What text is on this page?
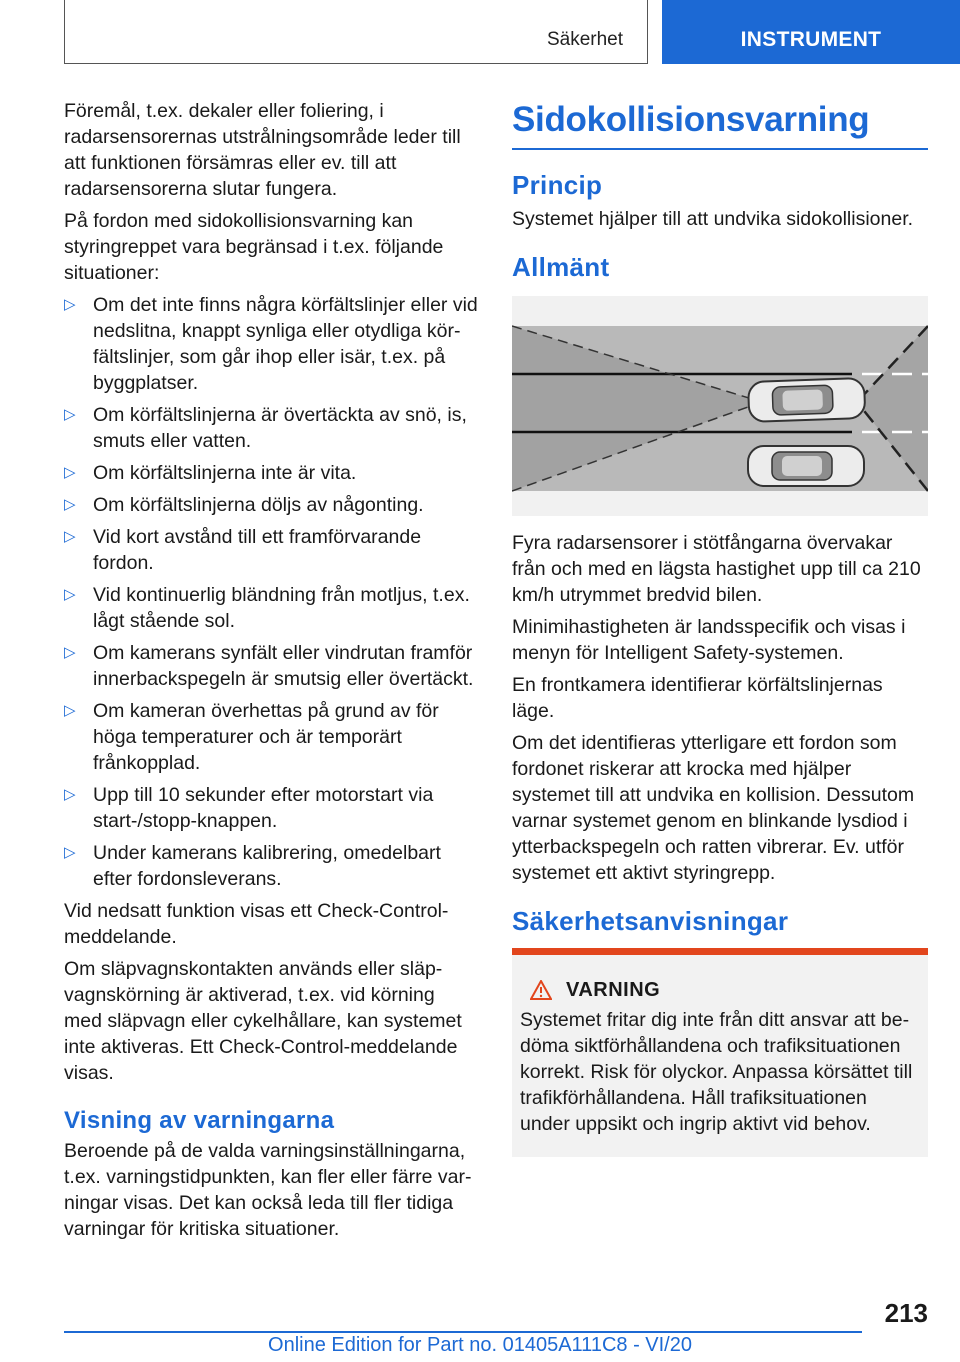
Säkerhet	INSTRUMENT

Föremål, t.ex. dekaler eller foliering, i radarsensorernas utstrålningsområde leder till att funktionen försämras eller ev. till att radarsensorerna slutar fungera.

På fordon med sidokollisionsvarning kan styringreppet vara begränsad i t.ex. följande situationer:

▷ Om det inte finns några körfältslinjer eller vid nedslitna, knappt synliga eller otydliga körfältslinjer, som går ihop eller isär, t.ex. på byggplatser.
▷ Om körfältslinjerna är övertäckta av snö, is, smuts eller vatten.
▷ Om körfältslinjerna inte är vita.
▷ Om körfältslinjerna döljs av någonting.
▷ Vid kort avstånd till ett framförvarande fordon.
▷ Vid kontinuerlig bländning från motljus, t.ex. lågt stående sol.
▷ Om kamerans synfält eller vindrutan framför innerbackspegeln är smutsig eller övertäckt.
▷ Om kameran överhettas på grund av för höga temperaturer och är temporärt frånkopplad.
▷ Upp till 10 sekunder efter motorstart via start-/stopp-knappen.
▷ Under kamerans kalibrering, omedelbart efter fordonsleverans.

Vid nedsatt funktion visas ett Check-Control-meddelande.

Om släpvagnskontakten används eller släpvagnskörning är aktiverad, t.ex. vid körning med släpvagn eller cykelhållare, kan systemet inte aktiveras. Ett Check-Control-meddelande visas.

Visning av varningarna

Beroende på de valda varningsinställningarna, t.ex. varningstidpunkten, kan fler eller färre varningar visas. Det kan också leda till fler tidiga varningar för kritiska situationer.

Sidokollisionsvarning
Princip

Systemet hjälper till att undvika sidokollisioner.

Allmänt

Fyra radarsensorer i stötfångarna övervakar från och med en lägsta hastighet upp till ca 210 km/h utrymmet bredvid bilen.

Minimihastigheten är landsspecifik och visas i menyn för Intelligent Safety-systemen.

En frontkamera identifierar körfältslinjernas läge.

Om det identifieras ytterligare ett fordon som fordonet riskerar att krocka med hjälper systemet till att undvika en kollision. Dessutom varnar systemet genom en blinkande lysdiod i ytterbackspegeln och ratten vibrerar. Ev. utför systemet ett aktivt styringrepp.

Säkerhetsanvisningar
VARNING

Systemet fritar dig inte från ditt ansvar att bedöma siktförhållandena och trafiksituationen korrekt. Risk för olyckor. Anpassa körsättet till trafikförhållandena. Håll trafiksituationen under uppsikt och ingrip aktivt vid behov.

213
Online Edition for Part no. 01405A111C8 - VI/20
